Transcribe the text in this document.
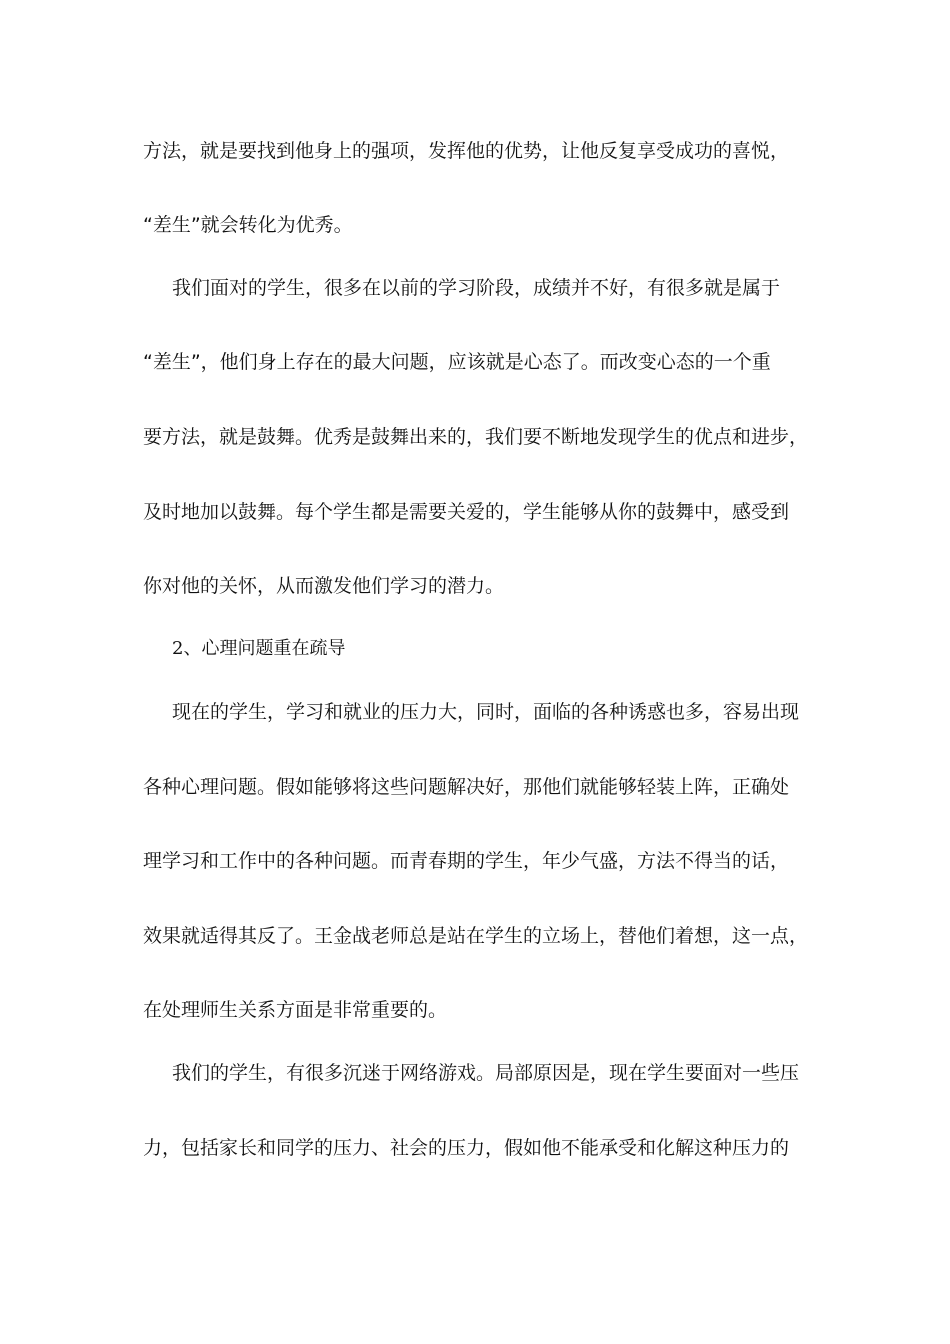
方法，就是要找到他身上的强项，发挥他的优势，让他反复享受成功的喜悦，
“差生”就会转化为优秀。
我们面对的学生，很多在以前的学习阶段，成绩并不好，有很多就是属于
“差生”，他们身上存在的最大问题，应该就是心态了。而改变心态的一个重
要方法，就是鼓舞。优秀是鼓舞出来的，我们要不断地发现学生的优点和进步，
及时地加以鼓舞。每个学生都是需要关爱的，学生能够从你的鼓舞中，感受到
你对他的关怀，从而激发他们学习的潜力。
2、心理问题重在疏导
现在的学生，学习和就业的压力大，同时，面临的各种诱惑也多，容易出现
各种心理问题。假如能够将这些问题解决好，那他们就能够轻装上阵，正确处
理学习和工作中的各种问题。而青春期的学生，年少气盛，方法不得当的话，
效果就适得其反了。王金战老师总是站在学生的立场上，替他们着想，这一点，
在处理师生关系方面是非常重要的。
我们的学生，有很多沉迷于网络游戏。局部原因是，现在学生要面对一些压
力，包括家长和同学的压力、社会的压力，假如他不能承受和化解这种压力的
